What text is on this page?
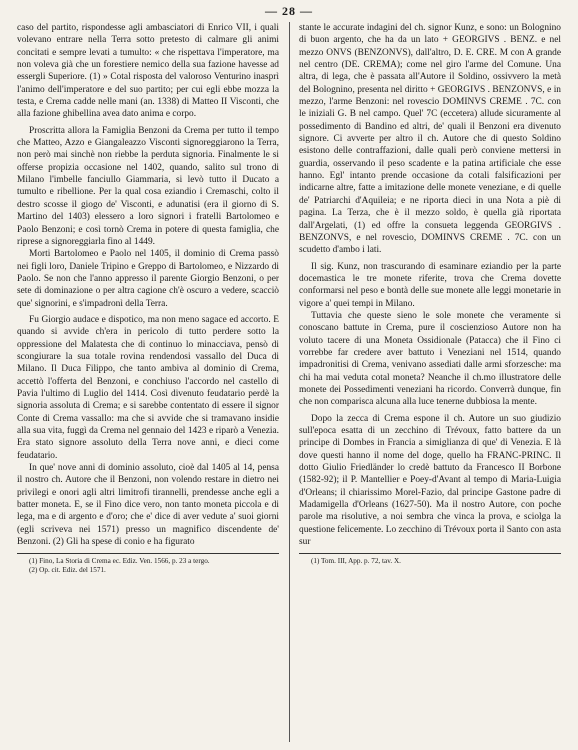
— 28 —

caso del partito, rispondesse agli ambasciatori di Enrico VII, i quali volevano entrare nella Terra sotto pretesto di calmare gli animi concitati e sempre levati a tumulto: « che rispettava l'imperatore, ma non voleva già che un forestiere nemico della sua fazione havesse ad essergli Superiore. (1) » Cotal risposta del valoroso Venturino inasprì l'animo dell'imperatore e del suo partito; per cui egli ebbe mozza la testa, e Crema cadde nelle mani (an. 1338) di Matteo II Visconti, che alla fazione ghibellina avea dato anima e corpo.

Proscritta allora la Famiglia Benzoni da Crema per tutto il tempo che Matteo, Azzo e Giangaleazzo Visconti signoreggiarono la Terra, non però mai sinchè non riebbe la perduta signoria. Finalmente le si offerse propizia occasione nel 1402, quando, salito sul trono di Milano l'imbelle fanciullo Giammaria, si levò tutto il Ducato a tumulto e ribellione. Per la qual cosa eziandio i Cremaschi, colto il destro scosse il giogo de' Visconti, e adunatisi (era il giorno di S. Martino del 1403) elessero a loro signori i fratelli Bartolomeo e Paolo Benzoni; e così tornò Crema in potere di questa famiglia, che riprese a signoreggiarla fino al 1449.

Morti Bartolomeo e Paolo nel 1405, il dominio di Crema passò nei figli loro, Daniele Tripino e Greppo di Bartolomeo, e Nizzardo di Paolo. Se non che l'anno appresso il parente Giorgio Benzoni, o per sete di dominazione o per altra cagione ch'è oscuro a vedere, scacciò que' signorini, e s'impadronì della Terra.

Fu Giorgio audace e dispotico, ma non meno sagace ed accorto. E quando si avvide ch'era in pericolo di tutto perdere sotto la oppressione del Malatesta che di continuo lo minacciava, pensò di scongiurare la sua totale rovina rendendosi vassallo del Duca di Milano. Il Duca Filippo, che tanto ambiva al dominio di Crema, accettò l'offerta del Benzoni, e conchiuso l'accordo nel castello di Pavia l'ultimo di Luglio del 1414. Così divenuto feudatario perdè la signoria assoluta di Crema; e si sarebbe contentato di essere il signor Conte di Crema vassallo: ma che si avvide che si tramavano insidie alla sua vita, fuggì da Crema nel gennaio del 1423 e riparò a Venezia. Era stato signore assoluto della Terra nove anni, e dieci come feudatario.

In que' nove anni di dominio assoluto, cioè dal 1405 al 14, pensa il nostro ch. Autore che il Benzoni, non volendo restare in dietro nei privilegi e onori agli altri limitrofi tirannelli, prendesse anche egli a batter moneta. E, se il Fino dice vero, non tanto moneta piccola e di lega, ma e di argento e d'oro; che e' dice di aver vedute a' suoi giorni (egli scriveva nei 1571) presso un magnifico discendente de' Benzoni. (2) Gli ha spese di conio e ha figurato

(1) Fino, La Storia di Crema ec. Ediz. Ven. 1566, p. 23 a tergo.

(2) Op. cit. Ediz. del 1571.

stante le accurate indagini del ch. signor Kunz, e sono: un Bolognino di buon argento, che ha da un lato + GEORGIVS . BENZ. e nel mezzo ONVS (BENZONVS), dall'altro, D. E. CRE. M con A grande nel centro (DE. CREMA); come nel giro l'arme del Comune. Una altra, di lega, che è passata all'Autore il Soldino, ossivvero la metà del Bolognino, presenta nel diritto + GEORGIVS . BENZONVS, e in mezzo, l'arme Benzoni: nel rovescio DOMINVS CREME . 7C. con le iniziali G. B nel campo. Quel' 7C (eccetera) allude sicuramente al possedimento di Bandino ed altri, de' quali il Benzoni era divenuto signore. Ci avverte per altro il ch. Autore che di questo Soldino esistono delle contraffazioni, dalle quali però conviene mettersi in guardia, osservando il peso scadente e la patina artificiale che esse hanno. Egl' intanto prende occasione da cotali falsificazioni per indicarne altre, fatte a imitazione delle monete veneziane, e di quelle de' Patriarchi d'Aquileia; e ne riporta dieci in una Nota a piè di pagina. La Terza, che è il mezzo soldo, è quella già riportata dall'Argelati, (1) ed offre la consueta leggenda GEORGIVS . BENZONVS, e nel rovescio, DOMINVS CREME . 7C. con un scudetto d'ambo i lati.

Il sig. Kunz, non trascurando di esaminare eziandio per la parte docemastica le tre monete riferite, trova che Crema dovette conformarsi nel peso e bontà delle sue monete alle leggi monetarie in vigore a' quei tempi in Milano.

Tuttavia che queste sieno le sole monete che veramente si conoscano battute in Crema, pure il coscienzioso Autore non ha voluto tacere di una Moneta Ossidionale (Patacca) che il Fino ci vorrebbe far credere aver battuto i Veneziani nel 1514, quando impadronitisi di Crema, venivano assediati dalle armi sforzesche: ma chi ha mai veduta cotal moneta? Neanche il ch.mo illustratore delle monete dei Possedimenti veneziani ha ricordo. Converrà dunque, fin che non comparisca alcuna alla luce tenerne dubbiosa la mente.

Dopo la zecca di Crema espone il ch. Autore un suo giudizio sull'epoca esatta di un zecchino di Trévoux, fatto battere da un principe di Dombes in Francia a simiglianza di que' di Venezia. E là dove questi hanno il nome del doge, quello ha FRANC-PRINC. Il dotto Giulio Friedländer lo credè battuto da Francesco II Borbone (1582-92); il P. Mantellier e Poey-d'Avant al tempo di Maria-Luigia d'Orleans; il chiarissimo Morel-Fazio, dal principe Gastone padre di Madamigella d'Orleans (1627-50). Ma il nostro Autore, con poche parole ma risolutive, a noi sembra che vinca la prova, e sciolga la questione felicemente. Lo zecchino di Trévoux porta il Santo con asta sur

(1) Tom. III, App. p. 72, tav. X.
